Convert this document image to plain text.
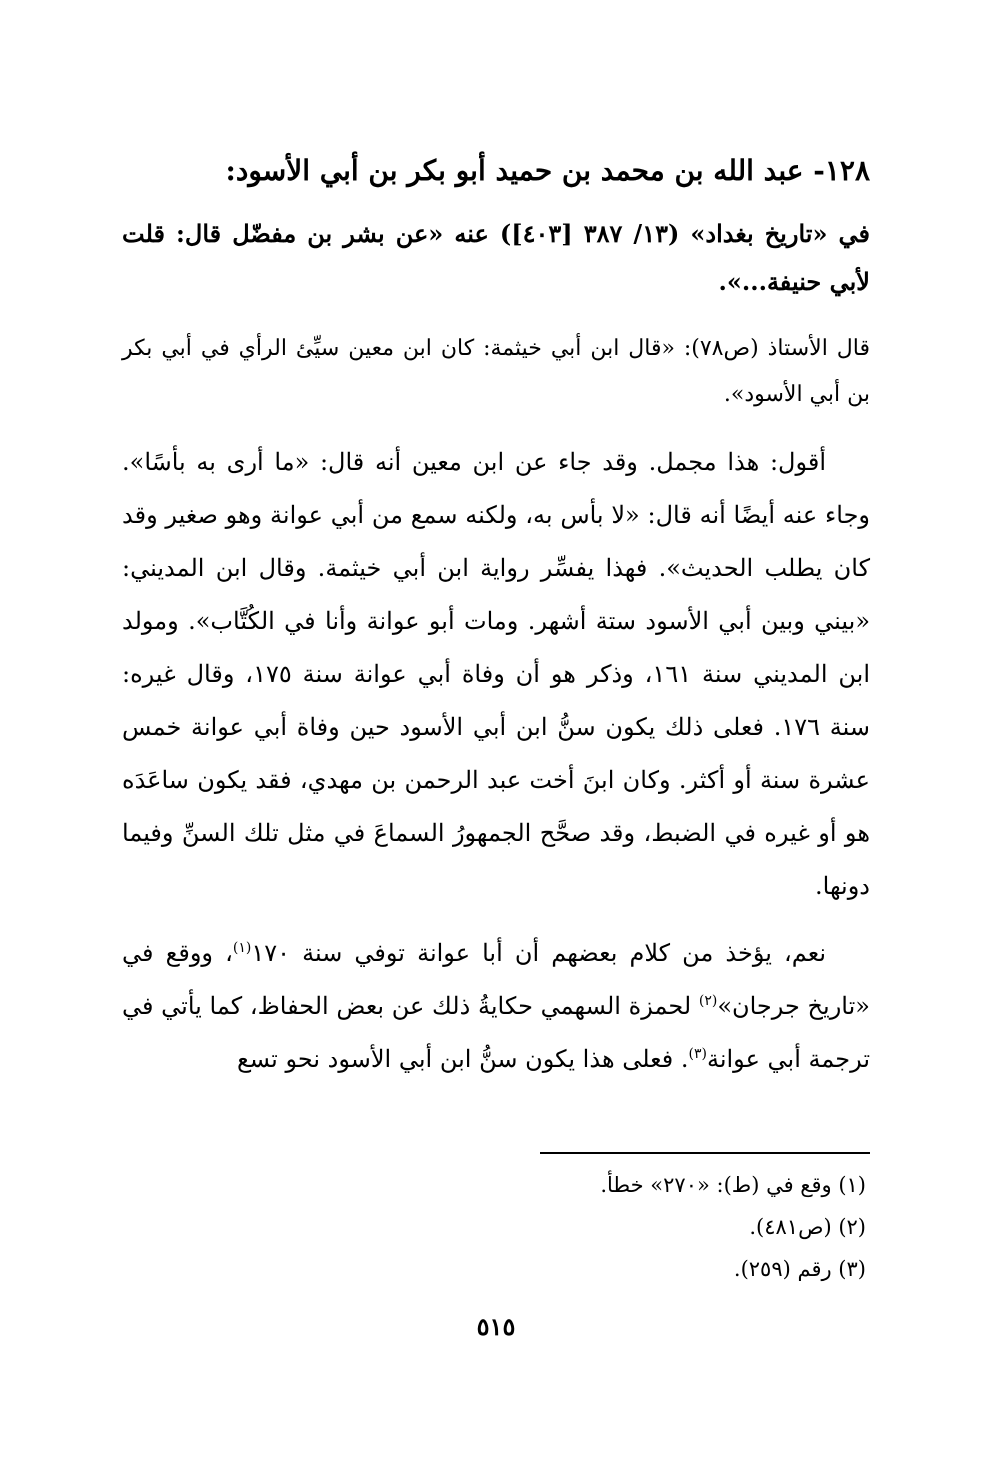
١٢٨- عبد الله بن محمد بن حميد أبو بكر بن أبي الأسود:
في «تاريخ بغداد» (١٣/ ٣٨٧ [٤٠٣]) عنه «عن بشر بن مفضّل قال: قلت لأبي حنيفة...».
قال الأستاذ (ص٧٨): «قال ابن أبي خيثمة: كان ابن معين سيِّئ الرأي في أبي بكر بن أبي الأسود».
أقول: هذا مجمل. وقد جاء عن ابن معين أنه قال: «ما أرى به بأسًا». وجاء عنه أيضًا أنه قال: «لا بأس به، ولكنه سمع من أبي عوانة وهو صغير وقد كان يطلب الحديث». فهذا يفسِّر رواية ابن أبي خيثمة. وقال ابن المديني: «بيني وبين أبي الأسود ستة أشهر. ومات أبو عوانة وأنا في الكُتَّاب». ومولد ابن المديني سنة ١٦١، وذكر هو أن وفاة أبي عوانة سنة ١٧٥، وقال غيره: سنة ١٧٦. فعلى ذلك يكون سنُّ ابن أبي الأسود حين وفاة أبي عوانة خمس عشرة سنة أو أكثر. وكان ابنَ أخت عبد الرحمن بن مهدي، فقد يكون ساعَدَه هو أو غيره في الضبط، وقد صحَّح الجمهورُ السماعَ في مثل تلك السنِّ وفيما دونها.
نعم، يؤخذ من كلام بعضهم أن أبا عوانة توفي سنة ١٧٠$^{(١)}$، ووقع في «تاريخ جرجان»$^{(٢)}$ لحمزة السهمي حكايةُ ذلك عن بعض الحفاظ، كما يأتي في ترجمة أبي عوانة$^{(٣)}$. فعلى هذا يكون سنُّ ابن أبي الأسود نحو تسع
(١) وقع في (ط): «٢٧٠» خطأ.
(٢) (ص٤٨١).
(٣) رقم (٢٥٩).
٥١٥
